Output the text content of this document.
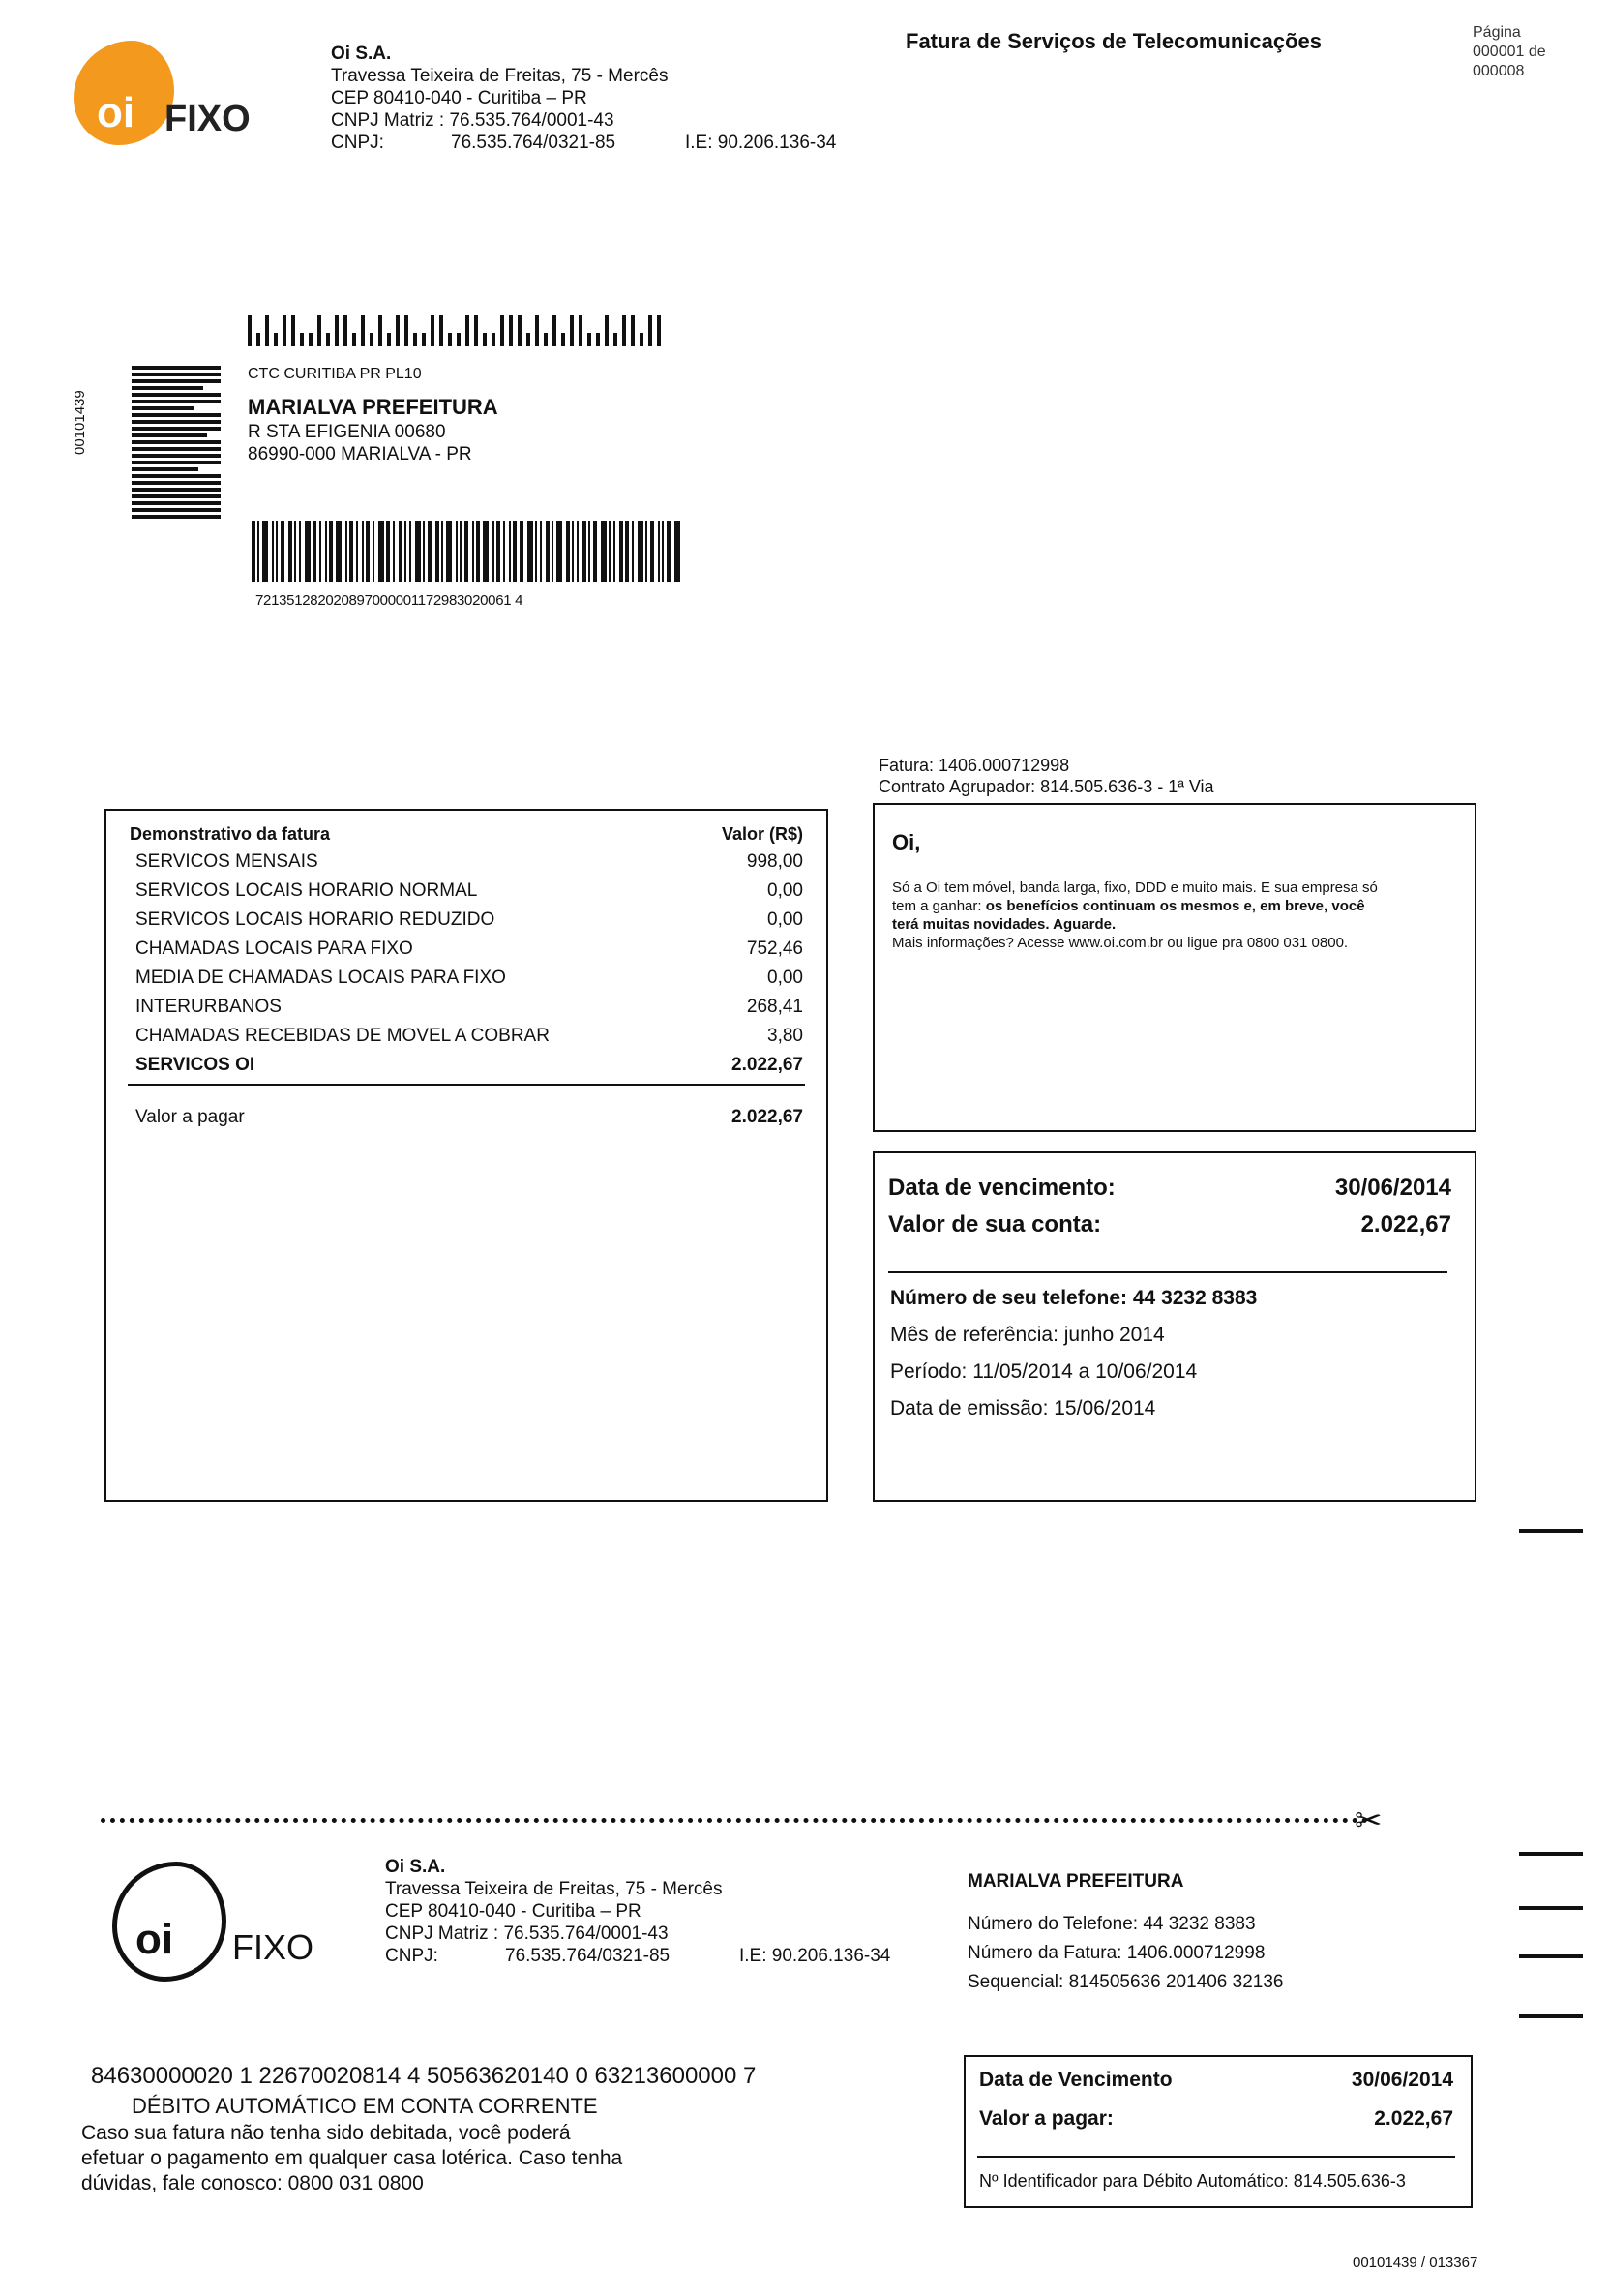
oi FIXO
Oi S.A.
Travessa Teixeira de Freitas, 75 - Mercês
CEP 80410-040 - Curitiba – PR
CNPJ Matriz : 76.535.764/0001-43
CNPJ:	76.535.764/0321-85	I.E: 90.206.136-34
Fatura de Serviços de Telecomunicações	Página
000001 de
000008
00101439
CTC CURITIBA PR PL10
MARIALVA PREFEITURA
R STA EFIGENIA 00680
86990-000 MARIALVA - PR
721351282020897000001172983020061 4
Fatura: 1406.000712998
Contrato Agrupador: 814.505.636-3 - 1ª Via
Demonstrativo da fatura	Valor (R$)
SERVICOS MENSAIS	998,00
SERVICOS LOCAIS HORARIO NORMAL	0,00
SERVICOS LOCAIS HORARIO REDUZIDO	0,00
CHAMADAS LOCAIS PARA FIXO	752,46
MEDIA DE CHAMADAS LOCAIS PARA FIXO	0,00
INTERURBANOS	268,41
CHAMADAS RECEBIDAS DE MOVEL A COBRAR	3,80
SERVICOS OI	2.022,67
Valor a pagar	2.022,67
Oi,
Só a Oi tem móvel, banda larga, fixo, DDD e muito mais. E sua empresa só
tem a ganhar: os benefícios continuam os mesmos e, em breve, você
terá muitas novidades. Aguarde.
Mais informações? Acesse www.oi.com.br ou ligue pra 0800 031 0800.
Data de vencimento:	30/06/2014
Valor de sua conta:	2.022,67
Número de seu telefone: 44 3232 8383
Mês de referência: junho 2014
Período: 11/05/2014 a 10/06/2014
Data de emissão: 15/06/2014
✂
oi FIXO
Oi S.A.
Travessa Teixeira de Freitas, 75 - Mercês
CEP 80410-040 - Curitiba – PR
CNPJ Matriz : 76.535.764/0001-43
CNPJ:	76.535.764/0321-85	I.E: 90.206.136-34
MARIALVA PREFEITURA
Número do Telefone: 44 3232 8383
Número da Fatura: 1406.000712998
Sequencial: 814505636 201406 32136
84630000020 1 22670020814 4 50563620140 0 63213600000 7
DÉBITO AUTOMÁTICO EM CONTA CORRENTE
Caso sua fatura não tenha sido debitada, você poderá
efetuar o pagamento em qualquer casa lotérica. Caso tenha
dúvidas, fale conosco: 0800 031 0800
Data de Vencimento	30/06/2014
Valor a pagar:	2.022,67
Nº Identificador para Débito Automático: 814.505.636-3
00101439 / 013367
